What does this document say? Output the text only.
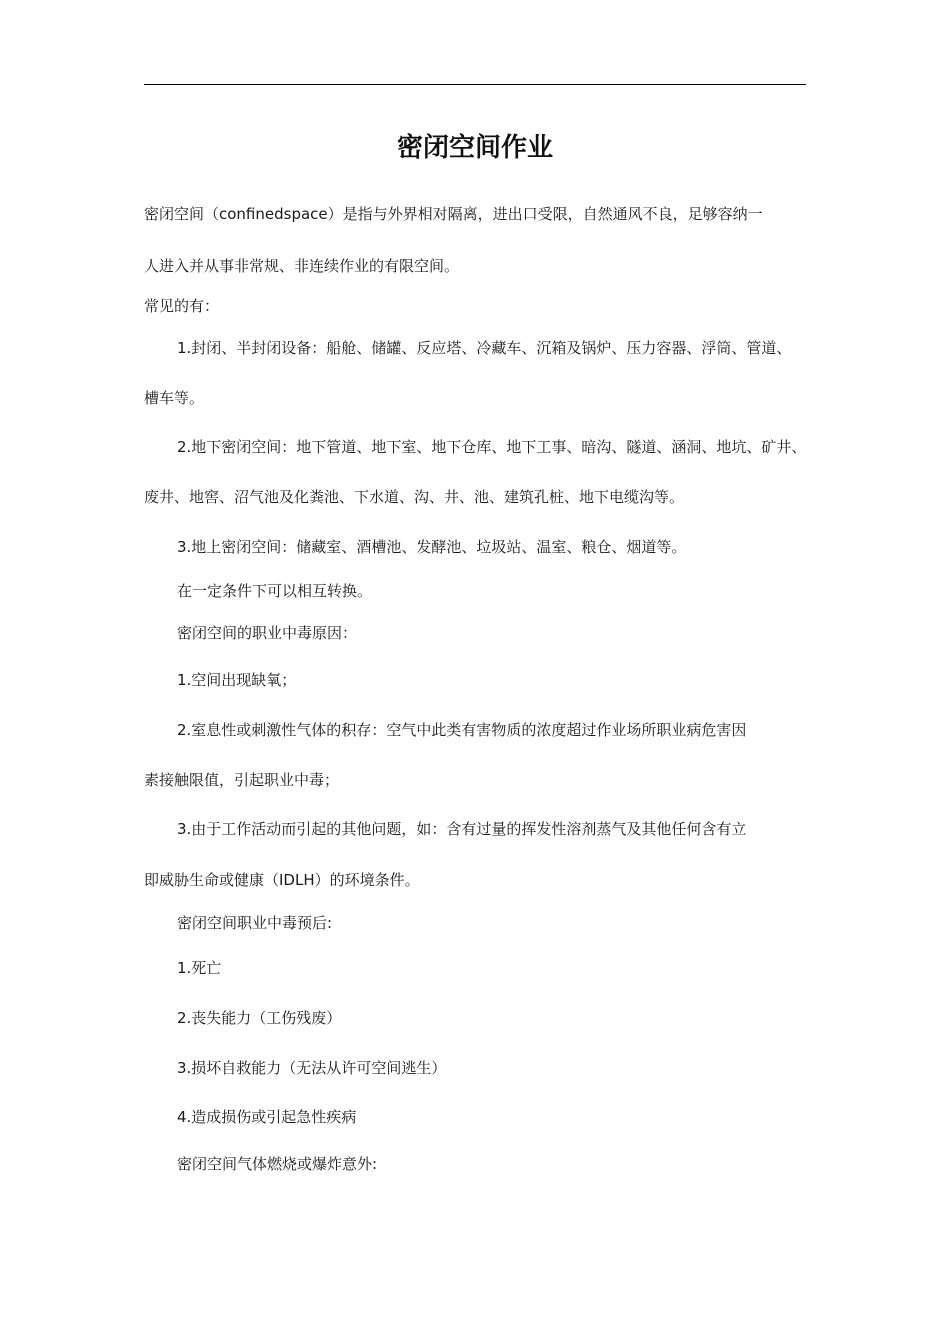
密闭空间作业
密闭空间（confinedspace）是指与外界相对隔离，进出口受限，自然通风不良，足够容纳一
人进入并从事非常规、非连续作业的有限空间。
常见的有：
1.封闭、半封闭设备：船舱、储罐、反应塔、冷藏车、沉箱及锅炉、压力容器、浮筒、管道、
槽车等。
2.地下密闭空间：地下管道、地下室、地下仓库、地下工事、暗沟、隧道、涵洞、地坑、矿井、
废井、地窖、沼气池及化粪池、下水道、沟、井、池、建筑孔桩、地下电缆沟等。
3.地上密闭空间：储藏室、酒槽池、发酵池、垃圾站、温室、粮仓、烟道等。
在一定条件下可以相互转换。
密闭空间的职业中毒原因：
1.空间出现缺氧；
2.室息性或刺激性气体的积存：空气中此类有害物质的浓度超过作业场所职业病危害因
素接触限值，引起职业中毒；
3.由于工作活动而引起的其他问题，如：含有过量的挥发性溶剂蒸气及其他任何含有立
即威胁生命或健康（IDLH）的环境条件。
密闭空间职业中毒预后:
1.死亡
2.丧失能力（工伤残废）
3.损坏自救能力（无法从许可空间逃生）
4.造成损伤或引起急性疾病
密闭空间气体燃烧或爆炸意外:
